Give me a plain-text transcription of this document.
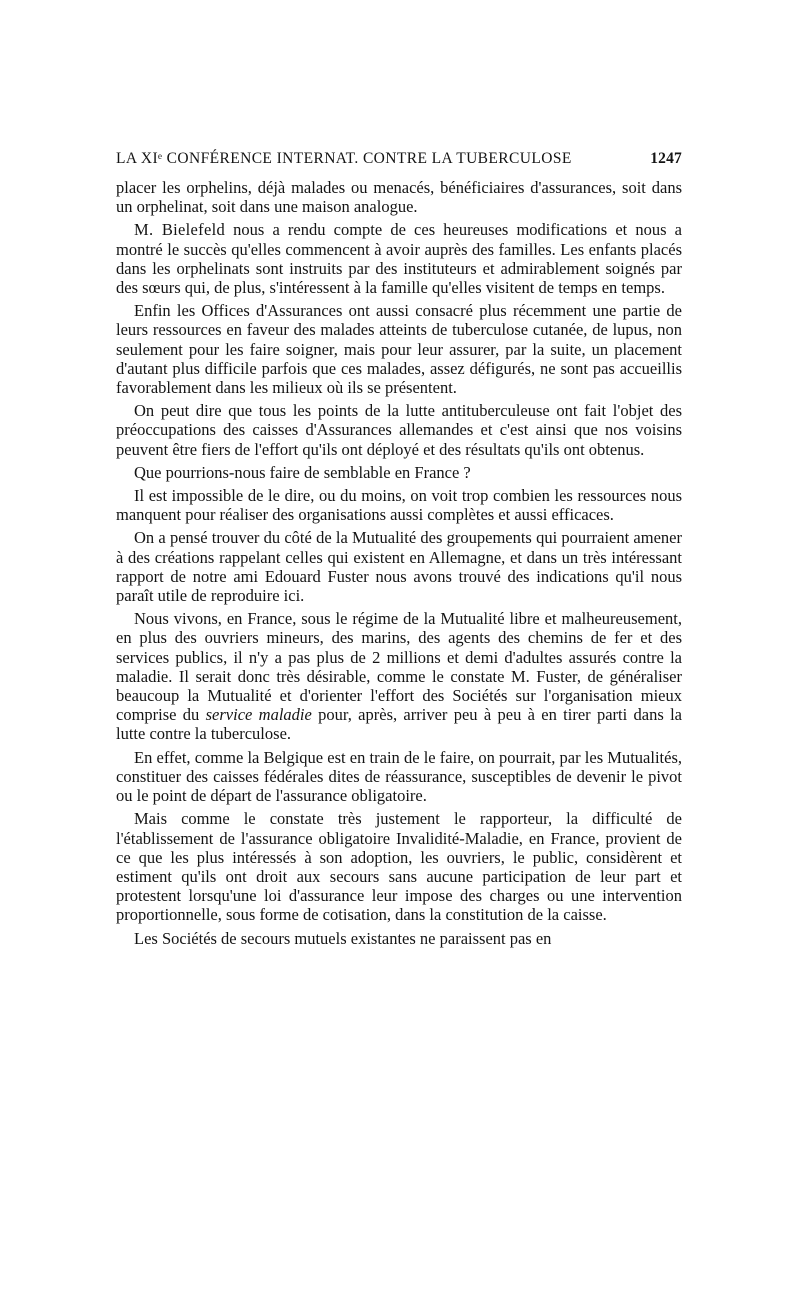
LA XIᵉ CONFÉRENCE INTERNAT. CONTRE LA TUBERCULOSE	1247

placer les orphelins, déjà malades ou menacés, bénéficiaires d'assurances, soit dans un orphelinat, soit dans une maison analogue.

M. Bielefeld nous a rendu compte de ces heureuses modifications et nous a montré le succès qu'elles commencent à avoir auprès des familles. Les enfants placés dans les orphelinats sont instruits par des instituteurs et admirablement soignés par des sœurs qui, de plus, s'intéressent à la famille qu'elles visitent de temps en temps.

Enfin les Offices d'Assurances ont aussi consacré plus récemment une partie de leurs ressources en faveur des malades atteints de tuberculose cutanée, de lupus, non seulement pour les faire soigner, mais pour leur assurer, par la suite, un placement d'autant plus difficile parfois que ces malades, assez défigurés, ne sont pas accueillis favorablement dans les milieux où ils se présentent.

On peut dire que tous les points de la lutte antituberculeuse ont fait l'objet des préoccupations des caisses d'Assurances allemandes et c'est ainsi que nos voisins peuvent être fiers de l'effort qu'ils ont déployé et des résultats qu'ils ont obtenus.

Que pourrions-nous faire de semblable en France ?

Il est impossible de le dire, ou du moins, on voit trop combien les ressources nous manquent pour réaliser des organisations aussi complètes et aussi efficaces.

On a pensé trouver du côté de la Mutualité des groupements qui pourraient amener à des créations rappelant celles qui existent en Allemagne, et dans un très intéressant rapport de notre ami Edouard Fuster nous avons trouvé des indications qu'il nous paraît utile de reproduire ici.

Nous vivons, en France, sous le régime de la Mutualité libre et malheureusement, en plus des ouvriers mineurs, des marins, des agents des chemins de fer et des services publics, il n'y a pas plus de 2 millions et demi d'adultes assurés contre la maladie. Il serait donc très désirable, comme le constate M. Fuster, de généraliser beaucoup la Mutualité et d'orienter l'effort des Sociétés sur l'organisation mieux comprise du service maladie pour, après, arriver peu à peu à en tirer parti dans la lutte contre la tuberculose.

En effet, comme la Belgique est en train de le faire, on pourrait, par les Mutualités, constituer des caisses fédérales dites de réassurance, susceptibles de devenir le pivot ou le point de départ de l'assurance obligatoire.

Mais comme le constate très justement le rapporteur, la difficulté de l'établissement de l'assurance obligatoire Invalidité-Maladie, en France, provient de ce que les plus intéressés à son adoption, les ouvriers, le public, considèrent et estiment qu'ils ont droit aux secours sans aucune participation de leur part et protestent lorsqu'une loi d'assurance leur impose des charges ou une intervention proportionnelle, sous forme de cotisation, dans la constitution de la caisse.

Les Sociétés de secours mutuels existantes ne paraissent pas en
